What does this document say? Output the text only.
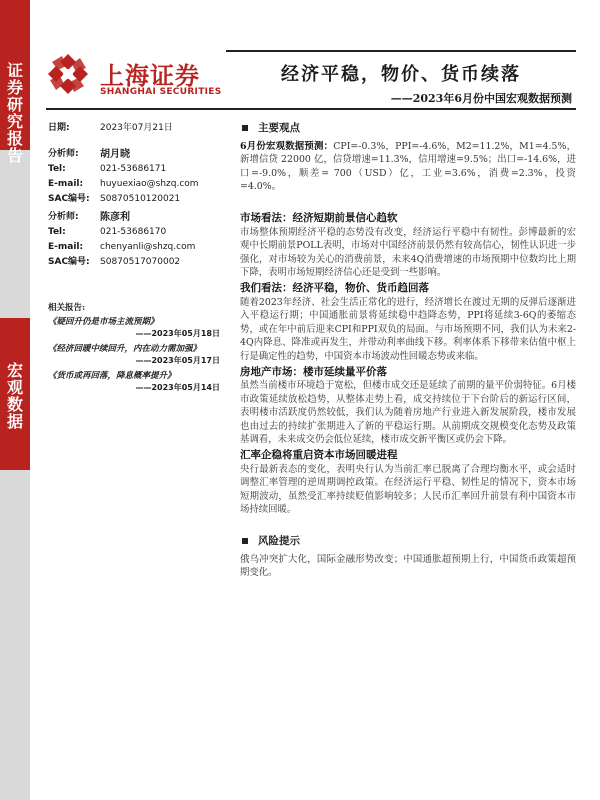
证
券
研
究
报
告
宏
观
数
据
上海证券
SHANGHAI SECURITIES
经济平稳，物价、货币续落
——2023年6月份中国宏观数据预测
日期:	2023年07月21日
分析师:	胡月晓
Tel:	021-53686171
E-mail:	huyuexiao@shzq.com
SAC编号:	S0870510120021
分析师:	陈彦利
Tel:	021-53686170
E-mail:	chenyanli@shzq.com
SAC编号:	S0870517070002
相关报告:
《疑回升仍是市场主流预期》
——2023年05月18日
《经济回暖中续回升，内在动力需加强》
——2023年05月17日
《货币或再回落，降息概率提升》
——2023年05月14日
主要观点
6月份宏观数据预测：CPI=-0.3%，PPI=-4.6%，M2=11.2%，M1=4.5%，新增信贷 22000 亿，信贷增速=11.3%，信用增速=9.5%；出口=-14.6%，进口=-9.0%，顺差= 700（USD）亿，工业=3.6%，消费=2.3%，投资=4.0%。
市场看法：经济短期前景信心趋软
市场整体预期经济平稳的态势没有改变，经济运行平稳中有韧性。彭博最新的宏观中长期前景POLL表明，市场对中国经济前景仍然有较高信心，韧性认识进一步强化，对市场较为关心的消费前景，未来4Q消费增速的市场预期中位数均比上期下降，表明市场短期经济信心还是受到一些影响。
我们看法：经济平稳，物价、货币趋回落
随着2023年经济、社会生活正常化的进行，经济增长在渡过无期的反弹后逐渐进入平稳运行期；中国通胀前景将延续稳中趋降态势，PPI将延续3-6Q的萎缩态势，或在年中前后迎来CPI和PPI双负的局面。与市场预期不同，我们认为未来2-4Q内降息、降准或再发生，并带动利率曲线下移。利率体系下移带来估值中枢上行是确定性的趋势，中国资本市场波动性回暖态势或来临。
房地产市场：楼市延续量平价落
虽然当前楼市环境趋于宽松，但楼市成交还是延续了前期的量平价弱特征。6月楼市政策延续放松趋势，从整体走势上看，成交持续位于下台阶后的新运行区间，表明楼市活跃度仍然较低，我们认为随着房地产行业进入新发展阶段，楼市发展也由过去的持续扩张期进入了新的平稳运行期。从前期成交规模变化态势及政策基调看，未来成交仍会低位延续，楼市成交新平衡区或仍会下降。
汇率企稳将重启资本市场回暖进程
央行最新表态的变化，表明央行认为当前汇率已脱离了合理均衡水平，或会适时调整汇率管理的逆周期调控政策。在经济运行平稳、韧性足的情况下，资本市场短期波动，虽然受汇率持续贬值影响较多；人民币汇率回升前景有利中国资本市场持续回暖。
风险提示
俄乌冲突扩大化，国际金融形势改变；中国通胀超预期上行，中国货币政策超预期变化。
